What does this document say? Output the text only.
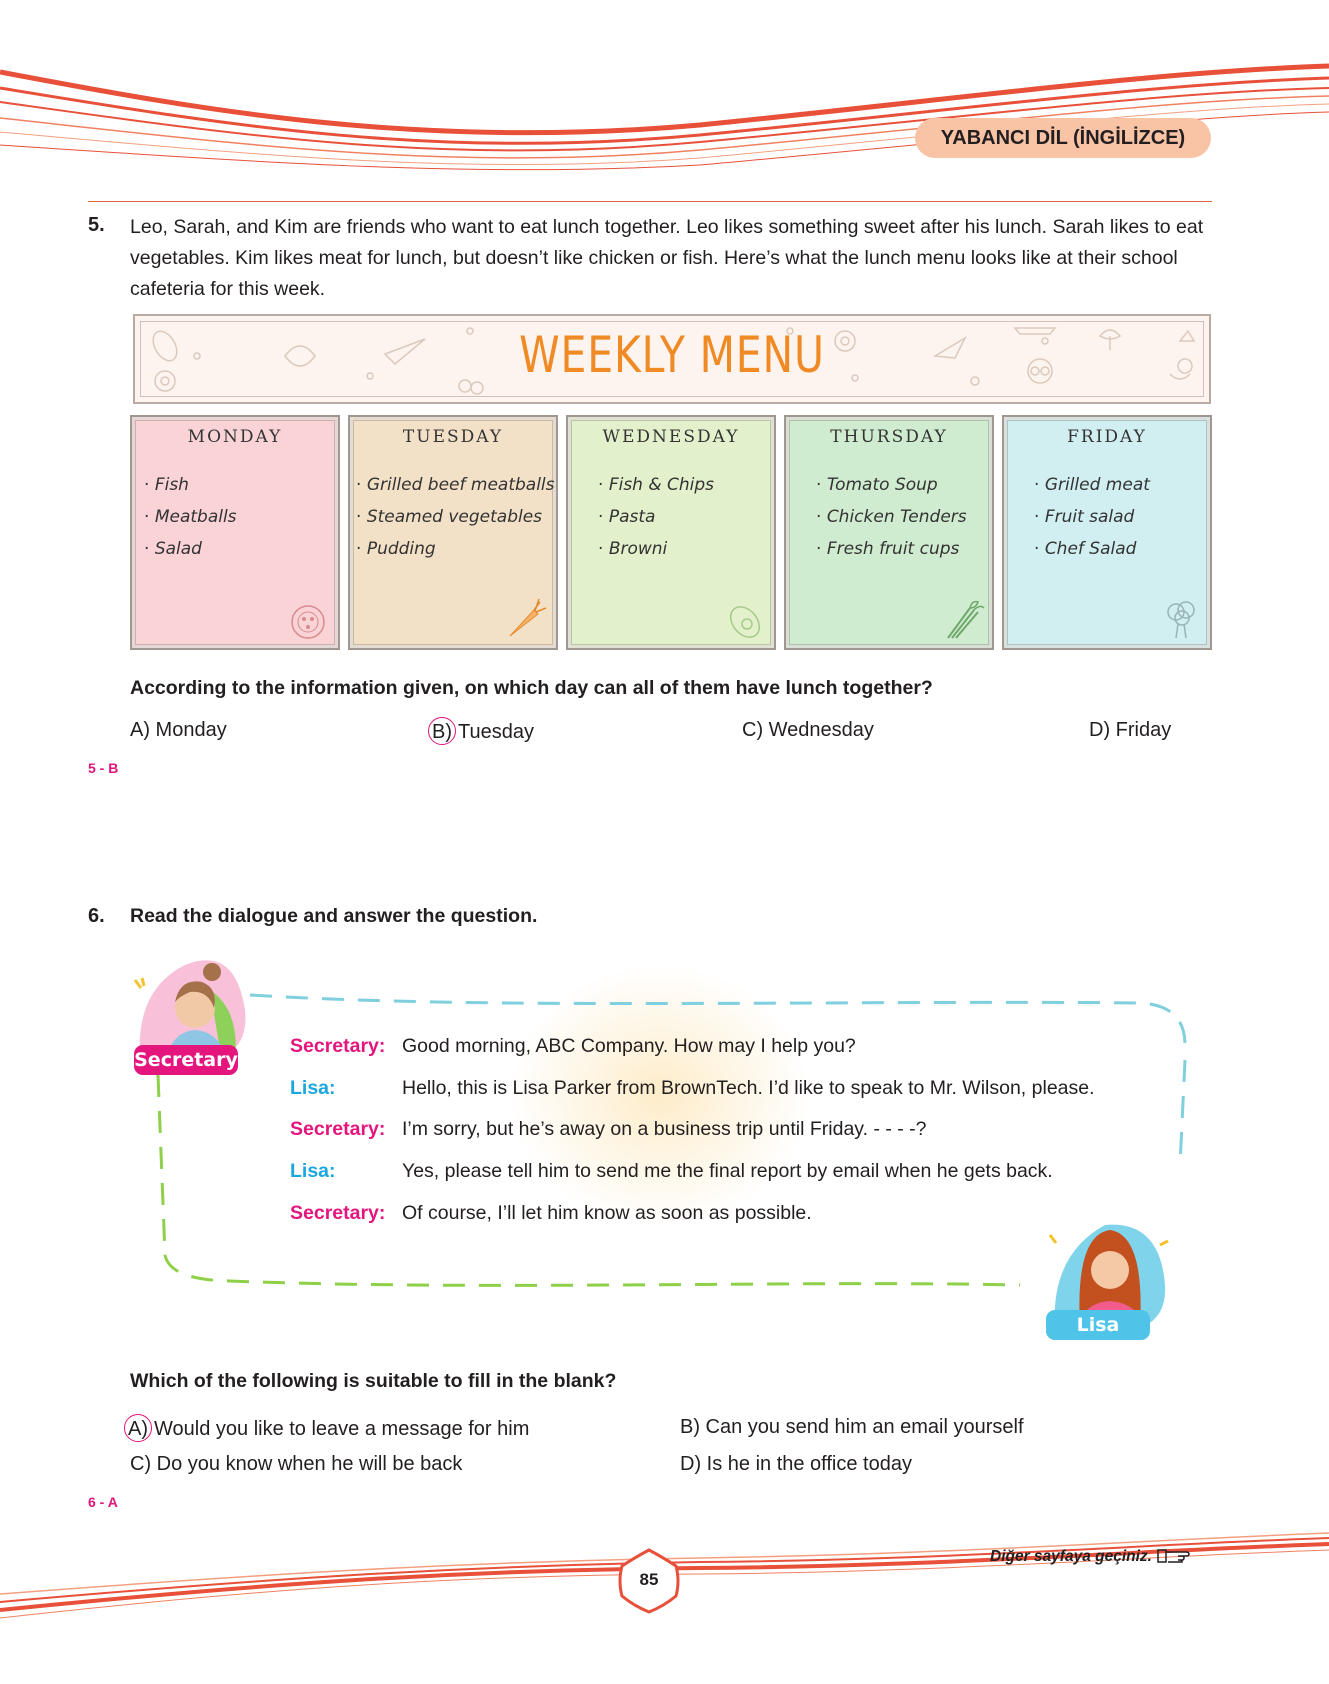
YABANCI DİL (İNGİLİZCE)
5. Leo, Sarah, and Kim are friends who want to eat lunch together. Leo likes something sweet after his lunch. Sarah likes to eat vegetables. Kim likes meat for lunch, but doesn’t like chicken or fish. Here’s what the lunch menu looks like at their school cafeteria for this week.
WEEKLY MENU
MONDAY
· Fish
· Meatballs
· Salad
TUESDAY
· Grilled beef meatballs
· Steamed vegetables
· Pudding
WEDNESDAY
· Fish & Chips
· Pasta
· Browni
THURSDAY
· Tomato Soup
· Chicken Tenders
· Fresh fruit cups
FRIDAY
· Grilled meat
· Fruit salad
· Chef Salad
According to the information given, on which day can all of them have lunch together?
A) Monday	B) Tuesday	C) Wednesday	D) Friday
5 - B
6. Read the dialogue and answer the question.
Secretary
Secretary: Good morning, ABC Company. How may I help you?
Lisa:	Hello, this is Lisa Parker from BrownTech. I’d like to speak to Mr. Wilson, please.
Secretary: I’m sorry, but he’s away on a business trip until Friday. - - - -?
Lisa:	Yes, please tell him to send me the final report by email when he gets back.
Secretary: Of course, I’ll let him know as soon as possible.
Lisa
Which of the following is suitable to fill in the blank?
A) Would you like to leave a message for him	B) Can you send him an email yourself
C) Do you know when he will be back	D) Is he in the office today
6 - A
85
Diğer sayfaya geçiniz.
